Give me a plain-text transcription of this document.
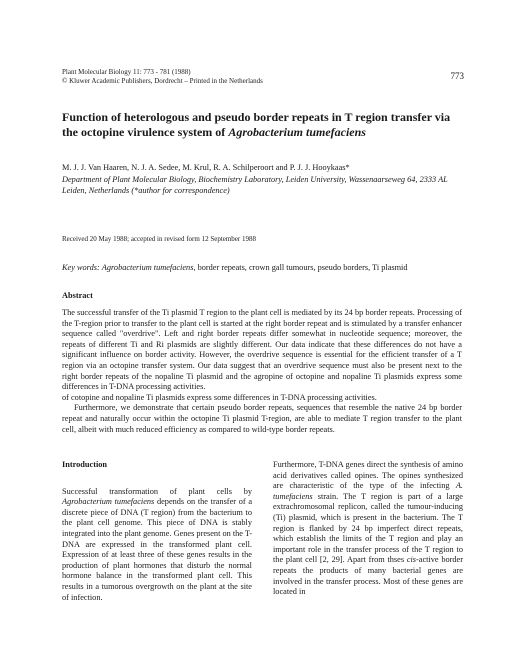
Plant Molecular Biology 11: 773 - 781 (1988)
© Kluwer Academic Publishers, Dordrecht – Printed in the Netherlands	773
Function of heterologous and pseudo border repeats in T region transfer via the octopine virulence system of Agrobacterium tumefaciens
M. J. J. Van Haaren, N. J. A. Sedee, M. Krul, R. A. Schilperoort and P. J. J. Hooykaas*
Department of Plant Molecular Biology, Biochemistry Laboratory, Leiden University, Wassenaarseweg 64, 2333 AL Leiden, Netherlands (*author for correspondence)
Received 20 May 1988; accepted in revised form 12 September 1988
Key words: Agrobacterium tumefaciens, border repeats, crown gall tumours, pseudo borders, Ti plasmid
Abstract

The successful transfer of the Ti plasmid T region to the plant cell is mediated by its 24 bp border repeats. Processing of the T-region prior to transfer to the plant cell is started at the right border repeat and is stimulated by a transfer enhancer sequence called "overdrive". Left and right border repeats differ somewhat in nucleotide sequence; moreover, the repeats of different Ti and Ri plasmids are slightly different. Our data indicate that these differences do not have a significant influence on border activity. However, the overdrive sequence is essential for the efficient transfer of a T region via an octopine transfer system. Our data suggest that an overdrive sequence must also be present next to the right border repeats of the nopaline Ti plasmid and the agropine of octopine and nopaline Ti plasmids express some differences in T-DNA processing activities.

of cotopine and nopaline Ti plasmids express some differences in T-DNA processing activities.

Furthermore, we demonstrate that certain pseudo border repeats, sequences that resemble the native 24 bp border repeat and naturally occur within the octopine Ti plasmid T-region, are able to mediate T region transfer to the plant cell, albeit with much reduced efficiency as compared to wild-type border repeats.

Introduction

Successful transformation of plant cells by Agrobacterium tumefaciens depends on the transfer of a discrete piece of DNA (T region) from the bacterium to the plant cell genome. This piece of DNA is stably integrated into the plant genome. Genes present on the T-DNA are expressed in the transformed plant cell. Expression of at least three of these genes results in the production of plant hormones that disturb the normal hormone balance in the transformed plant cell. This results in a tumorous overgrowth on the plant at the site of infection.

Furthermore, T-DNA genes direct the synthesis of amino acid derivatives called opines. The opines synthesized are characteristic of the type of the infecting A. tumefaciens strain. The T region is part of a large extrachromosomal replicon, called the tumour-inducing (Ti) plasmid, which is present in the bacterium. The T region is flanked by 24 bp imperfect direct repeats, which establish the limits of the T region and play an important role in the transfer process of the T region to the plant cell [2, 29]. Apart from thses cis-active border repeats the products of many bacterial genes are involved in the transfer process. Most of these genes are located in
